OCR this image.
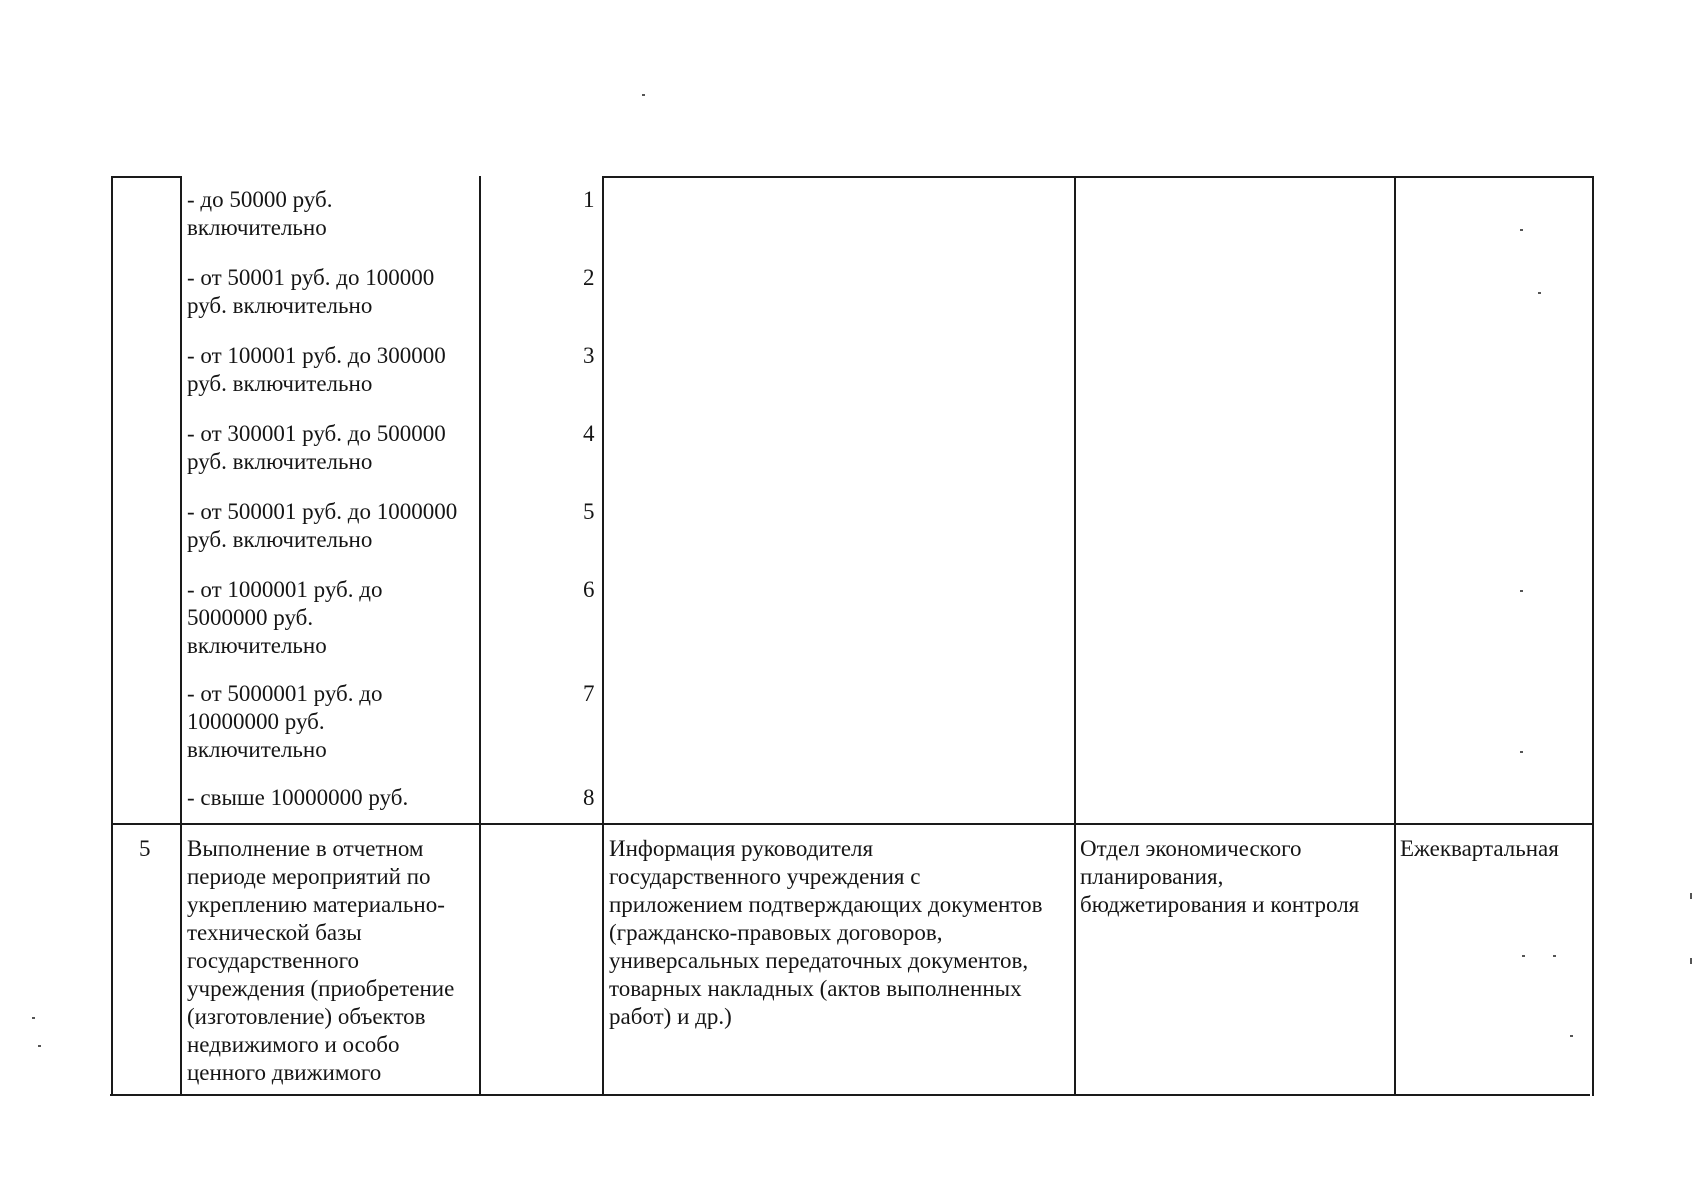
- до 50000 руб.
включительно
1
- от 50001 руб. до 100000
руб. включительно
2
- от 100001 руб. до 300000
руб. включительно
3
- от 300001 руб. до 500000
руб. включительно
4
- от 500001 руб. до 1000000
руб. включительно
5
- от 1000001 руб. до
5000000 руб.
включительно
6
- от 5000001 руб. до
10000000 руб.
включительно
7
- свыше 10000000 руб.	8
5 Выполнение в отчетном
периоде мероприятий по
укреплению материально-
технической базы
государственного
учреждения (приобретение
(изготовление) объектов
недвижимого и особо
ценного движимого
Информация руководителя
государственного учреждения с
приложением подтверждающих документов
(гражданско-правовых договоров,
универсальных передаточных документов,
товарных накладных (актов выполненных
работ) и др.)
Отдел экономического
планирования,
бюджетирования и контроля
Ежеквартальная
